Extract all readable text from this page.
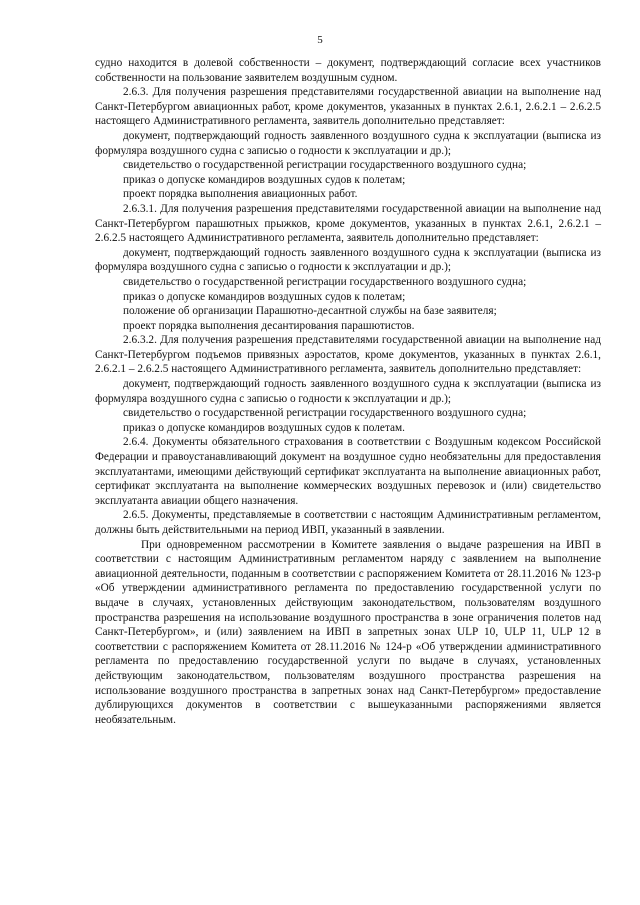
5

судно находится в долевой собственности – документ, подтверждающий согласие всех участников собственности на пользование заявителем воздушным судном.

2.6.3. Для получения разрешения представителями государственной авиации на выполнение над Санкт-Петербургом авиационных работ, кроме документов, указанных в пунктах 2.6.1, 2.6.2.1 – 2.6.2.5 настоящего Административного регламента, заявитель дополнительно представляет:

документ, подтверждающий годность заявленного воздушного судна к эксплуатации (выписка из формуляра воздушного судна с записью о годности к эксплуатации и др.);

свидетельство о государственной регистрации государственного воздушного судна;

приказ о допуске командиров воздушных судов к полетам;

проект порядка выполнения авиационных работ.

2.6.3.1. Для получения разрешения представителями государственной авиации на выполнение над Санкт-Петербургом парашютных прыжков, кроме документов, указанных в пунктах 2.6.1, 2.6.2.1 – 2.6.2.5 настоящего Административного регламента, заявитель дополнительно представляет:

документ, подтверждающий годность заявленного воздушного судна к эксплуатации (выписка из формуляра воздушного судна с записью о годности к эксплуатации и др.);

свидетельство о государственной регистрации государственного воздушного судна;

приказ о допуске командиров воздушных судов к полетам;

положение об организации Парашютно-десантной службы на базе заявителя;

проект порядка выполнения десантирования парашютистов.

2.6.3.2. Для получения разрешения представителями государственной авиации на выполнение над Санкт-Петербургом подъемов привязных аэростатов, кроме документов, указанных в пунктах 2.6.1, 2.6.2.1 – 2.6.2.5 настоящего Административного регламента, заявитель дополнительно представляет:

документ, подтверждающий годность заявленного воздушного судна к эксплуатации (выписка из формуляра воздушного судна с записью о годности к эксплуатации и др.);

свидетельство о государственной регистрации государственного воздушного судна;

приказ о допуске командиров воздушных судов к полетам.

2.6.4. Документы обязательного страхования в соответствии с Воздушным кодексом Российской Федерации и правоустанавливающий документ на воздушное судно необязательны для предоставления эксплуатантами, имеющими действующий сертификат эксплуатанта на выполнение авиационных работ, сертификат эксплуатанта на выполнение коммерческих воздушных перевозок и (или) свидетельство эксплуатанта авиации общего назначения.

2.6.5. Документы, представляемые в соответствии с настоящим Административным регламентом, должны быть действительными на период ИВП, указанный в заявлении.

При одновременном рассмотрении в Комитете заявления о выдаче разрешения на ИВП в соответствии с настоящим Административным регламентом наряду с заявлением на выполнение авиационной деятельности, поданным в соответствии с распоряжением Комитета от 28.11.2016 № 123-р «Об утверждении административного регламента по предоставлению государственной услуги по выдаче в случаях, установленных действующим законодательством, пользователям воздушного пространства разрешения на использование воздушного пространства в зоне ограничения полетов над Санкт-Петербургом», и (или) заявлением на ИВП в запретных зонах ULP 10, ULP 11, ULP 12 в соответствии с распоряжением Комитета от 28.11.2016 № 124-р «Об утверждении административного регламента по предоставлению государственной услуги по выдаче в случаях, установленных действующим законодательством, пользователям воздушного пространства разрешения на использование воздушного пространства в запретных зонах над Санкт-Петербургом» предоставление дублирующихся документов в соответствии с вышеуказанными распоряжениями является необязательным.
